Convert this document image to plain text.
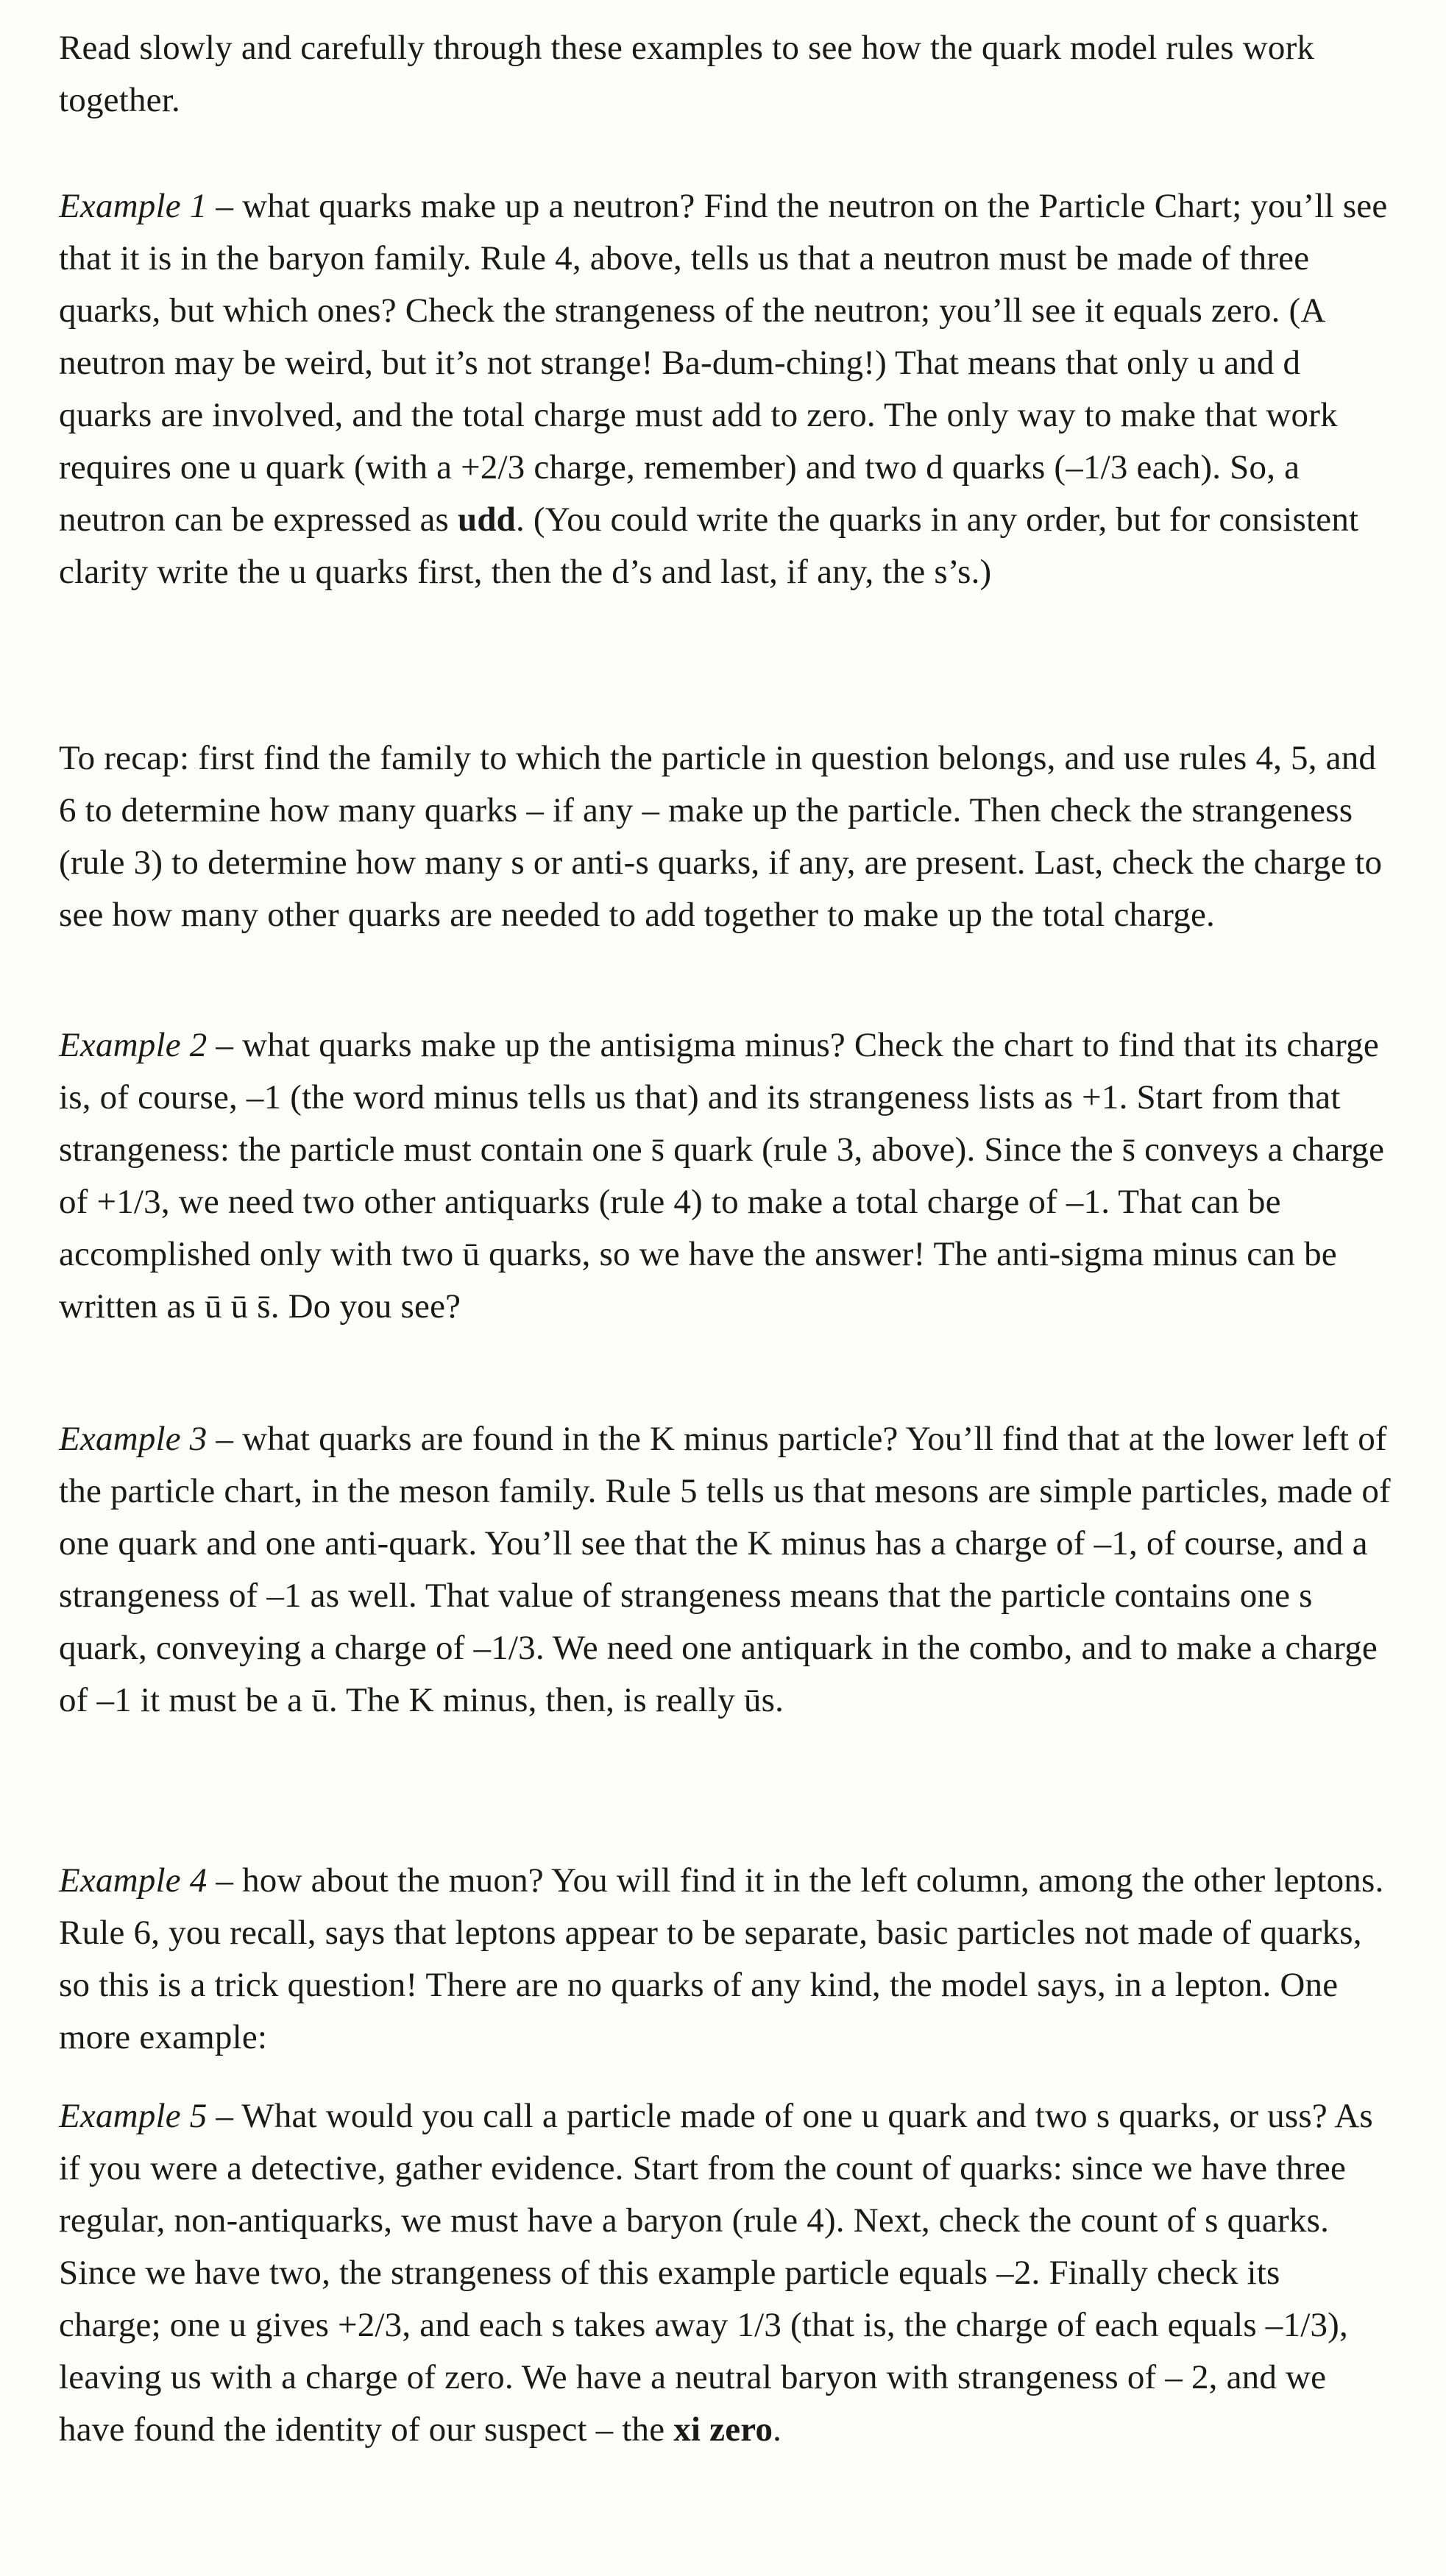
Read slowly and carefully through these examples to see how the quark model rules work together.

Example 1 – what quarks make up a neutron? Find the neutron on the Particle Chart; you’ll see that it is in the baryon family. Rule 4, above, tells us that a neutron must be made of three quarks, but which ones? Check the strangeness of the neutron; you’ll see it equals zero. (A neutron may be weird, but it’s not strange! Ba-dum-ching!) That means that only u and d quarks are involved, and the total charge must add to zero. The only way to make that work requires one u quark (with a +2/3 charge, remember) and two d quarks (–1/3 each). So, a neutron can be expressed as udd. (You could write the quarks in any order, but for consistent clarity write the u quarks first, then the d’s and last, if any, the s’s.)

To recap: first find the family to which the particle in question belongs, and use rules 4, 5, and 6 to determine how many quarks – if any – make up the particle. Then check the strangeness (rule 3) to determine how many s or anti-s quarks, if any, are present. Last, check the charge to see how many other quarks are needed to add together to make up the total charge.

Example 2 – what quarks make up the antisigma minus? Check the chart to find that its charge is, of course, –1 (the word minus tells us that) and its strangeness lists as +1. Start from that strangeness: the particle must contain one s̄ quark (rule 3, above). Since the s̄ conveys a charge of +1/3, we need two other antiquarks (rule 4) to make a total charge of –1. That can be accomplished only with two ū quarks, so we have the answer! The anti-sigma minus can be written as ū ū s̄. Do you see?

Example 3 – what quarks are found in the K minus particle? You’ll find that at the lower left of the particle chart, in the meson family. Rule 5 tells us that mesons are simple particles, made of one quark and one anti-quark. You’ll see that the K minus has a charge of –1, of course, and a strangeness of –1 as well. That value of strangeness means that the particle contains one s quark, conveying a charge of –1/3. We need one antiquark in the combo, and to make a charge of –1 it must be a ū. The K minus, then, is really ūs.

Example 4 – how about the muon? You will find it in the left column, among the other leptons. Rule 6, you recall, says that leptons appear to be separate, basic particles not made of quarks, so this is a trick question! There are no quarks of any kind, the model says, in a lepton. One more example:

Example 5 – What would you call a particle made of one u quark and two s quarks, or uss? As if you were a detective, gather evidence. Start from the count of quarks: since we have three regular, non-antiquarks, we must have a baryon (rule 4). Next, check the count of s quarks. Since we have two, the strangeness of this example particle equals –2. Finally check its charge; one u gives +2/3, and each s takes away 1/3 (that is, the charge of each equals –1/3), leaving us with a charge of zero. We have a neutral baryon with strangeness of – 2, and we have found the identity of our suspect – the xi zero.
